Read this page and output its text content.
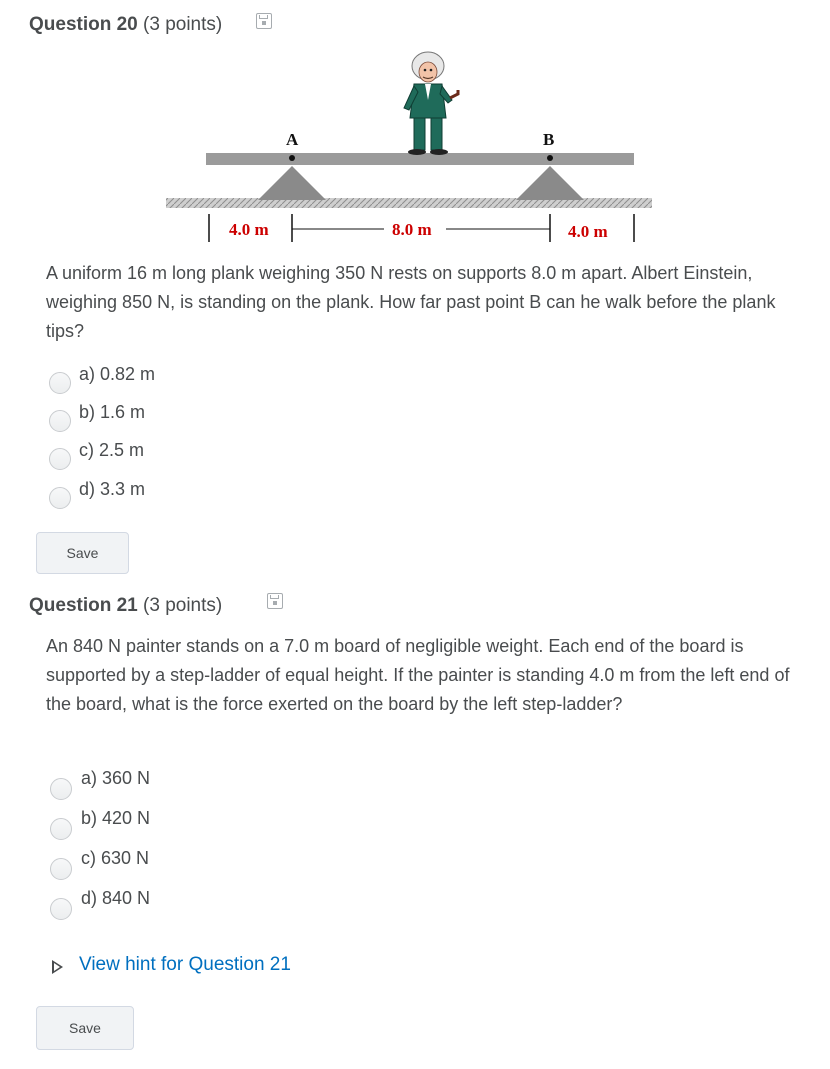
Question 20 (3 points)
A	B
4.0 m	8.0 m	4.0 m
A uniform 16 m long plank weighing 350 N rests on supports 8.0 m apart. Albert Einstein, weighing 850 N, is standing on the plank. How far past point B can he walk before the plank tips?
a) 0.82 m
b) 1.6 m
c) 2.5 m
d) 3.3 m
Save
Question 21 (3 points)
An 840 N painter stands on a 7.0 m board of negligible weight. Each end of the board is supported by a step-ladder of equal height. If the painter is standing 4.0 m from the left end of the board, what is the force exerted on the board by the left step-ladder?
a) 360 N
b) 420 N
c) 630 N
d) 840 N
View hint for Question 21
Save
